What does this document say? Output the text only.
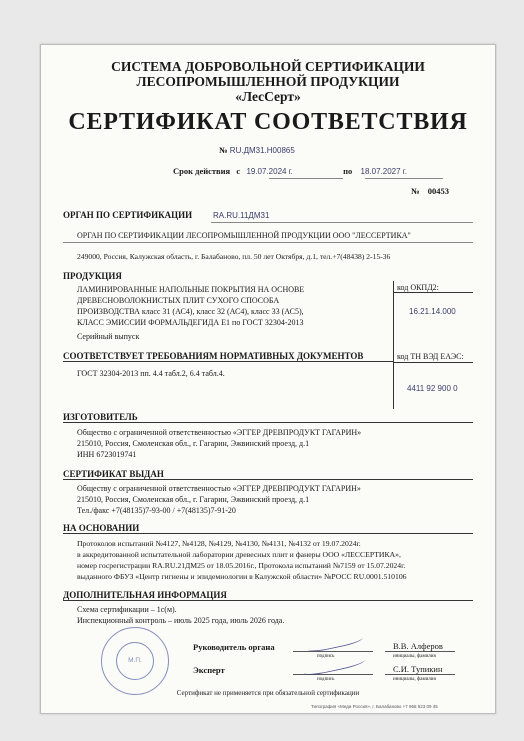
СИСТЕМА ДОБРОВОЛЬНОЙ СЕРТИФИКАЦИИ
ЛЕСОПРОМЫШЛЕННОЙ ПРОДУКЦИИ
«ЛесСерт»
СЕРТИФИКАТ СООТВЕТСТВИЯ
№ RU.ДМ31.Н00865
Срок действия с 19.07.2024 г.	по 18.07.2027 г.
№ 00453
ОРГАН ПО СЕРТИФИКАЦИИ	RA.RU.11ДМ31
ОРГАН ПО СЕРТИФИКАЦИИ ЛЕСОПРОМЫШЛЕННОЙ ПРОДУКЦИИ ООО "ЛЕССЕРТИКА"
249000, Россия, Калужская область, г. Балабаново, пл. 50 лет Октября, д.1, тел.+7(48438) 2-15-36
ПРОДУКЦИЯ
ЛАМИНИРОВАННЫЕ НАПОЛЬНЫЕ ПОКРЫТИЯ НА ОСНОВЕ
ДРЕВЕСНОВОЛОКНИСТЫХ ПЛИТ СУХОГО СПОСОБА
ПРОИЗВОДСТВА класс 31 (АС4), класс 32 (АС4), класс 33 (АС5),
КЛАСС ЭМИССИИ ФОРМАЛЬДЕГИДА Е1 по ГОСТ 32304-2013
Серийный выпуск
код ОКПД2:
16.21.14.000
СООТВЕТСТВУЕТ ТРЕБОВАНИЯМ НОРМАТИВНЫХ ДОКУМЕНТОВ	код ТН ВЭД ЕАЭС:
ГОСТ 32304-2013 пп. 4.4 табл.2, 6.4 табл.4.
4411 92 900 0
ИЗГОТОВИТЕЛЬ
Общество с ограниченной ответственностью «ЭГГЕР ДРЕВПРОДУКТ ГАГАРИН»
215010, Россия, Смоленская обл., г. Гагарин, Эжвинский проезд, д.1
ИНН 6723019741
СЕРТИФИКАТ ВЫДАН
Обществу с ограниченной ответственностью «ЭГГЕР ДРЕВПРОДУКТ ГАГАРИН»
215010, Россия, Смоленская обл., г. Гагарин, Эжвинский проезд, д.1
Тел./факс +7(48135)7-93-00 / +7(48135)7-91-20
НА ОСНОВАНИИ
Протоколов испытаний №4127, №4128, №4129, №4130, №4131, №4132 от 19.07.2024г.
в аккредитованной испытательной лаборатории древесных плит и фанеры ООО «ЛЕССЕРТИКА»,
номер госрегистрации RA.RU.21ДМ25 от 18.05.2016г., Протокола испытаний №7159 от 15.07.2024г.
выданного ФБУЗ «Центр гигиены и эпидемиологии в Калужской области» №РОСС RU.0001.510106
ДОПОЛНИТЕЛЬНАЯ ИНФОРМАЦИЯ
Схема сертификации – 1с(м).
Инспекционный контроль – июль 2025 года, июль 2026 года.
М.П.
Руководитель органа	В.В. Алферов
подпись	инициалы, фамилия
Эксперт	С.И. Тупикин
подпись	инициалы, фамилия
Сертификат не применяется при обязательной сертификации
Типография «Меди Россия», г. Балабаново +7 968 523 09 45
